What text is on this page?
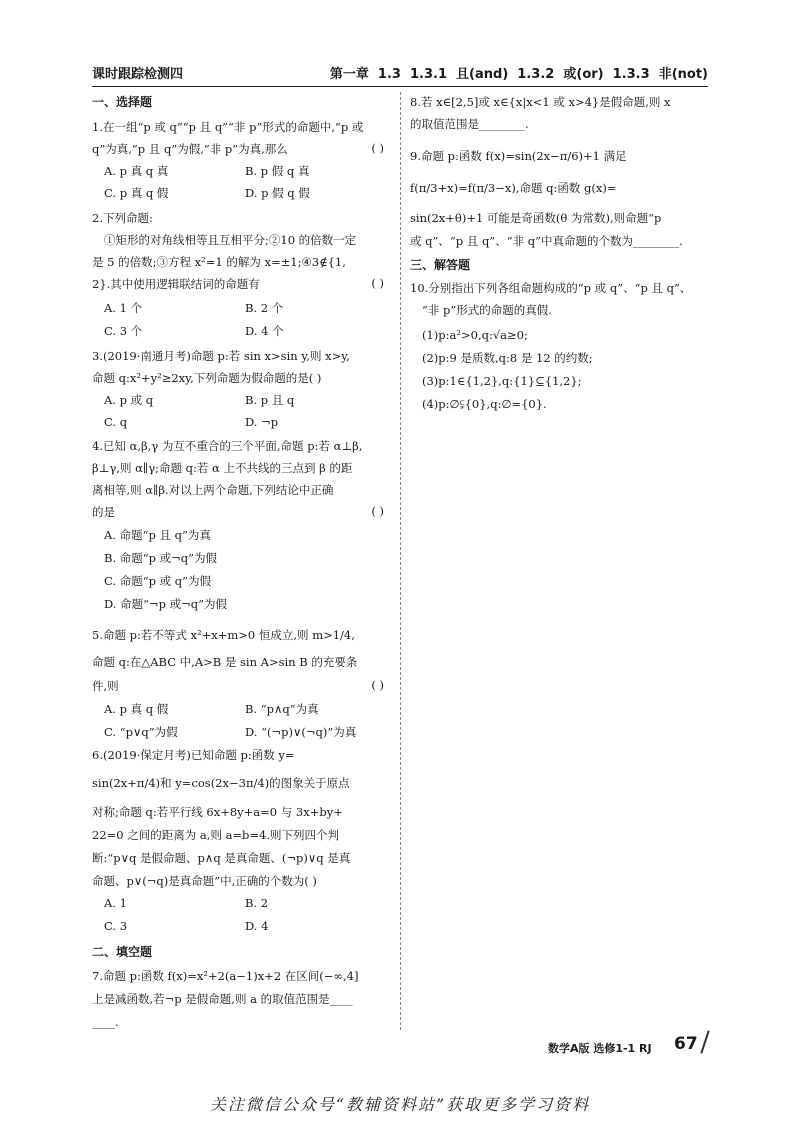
课时跟踪检测四	第一章  1.3  1.3.1  且(and)  1.3.2  或(or)  1.3.3  非(not)
一、选择题
1.在一组“p 或 q”“p 且 q”“非 p”形式的命题中,“p 或
q”为真,“p 且 q”为假,“非 p”为真,那么	( )
A. p 真 q 真	B. p 假 q 真
C. p 真 q 假	D. p 假 q 假
2.下列命题:
①矩形的对角线相等且互相平分;②10 的倍数一定
是 5 的倍数;③方程 x²=1 的解为 x=±1;④3∉{1,
2}.其中使用逻辑联结词的命题有	( )
A. 1 个	B. 2 个
C. 3 个	D. 4 个
3.(2019·南通月考)命题 p:若 sin x>sin y,则 x>y,
命题 q:x²+y²≥2xy,下列命题为假命题的是( )
A. p 或 q	B. p 且 q
C. q	D. ¬p
4.已知 α,β,γ 为互不重合的三个平面,命题 p:若 α⊥β,
β⊥γ,则 α∥γ;命题 q:若 α 上不共线的三点到 β 的距
离相等,则 α∥β.对以上两个命题,下列结论中正确
的是	( )
A. 命题“p 且 q”为真
B. 命题“p 或¬q”为假
C. 命题“p 或 q”为假
D. 命题“¬p 或¬q”为假
5.命题 p:若不等式 x²+x+m>0 恒成立,则 m>1/4,
命题 q:在△ABC 中,A>B 是 sin A>sin B 的充要条
件,则	( )
A. p 真 q 假	B. “p∧q”为真
C. “p∨q”为假	D. “(¬p)∨(¬q)”为真
6.(2019·保定月考)已知命题 p:函数 y=
sin(2x+π/4)和 y=cos(2x−3π/4)的图象关于原点
对称;命题 q:若平行线 6x+8y+a=0 与 3x+by+
22=0 之间的距离为 a,则 a=b=4.则下列四个判
断:“p∨q 是假命题、p∧q 是真命题、(¬p)∨q 是真
命题、p∨(¬q)是真命题”中,正确的个数为( )
A. 1	B. 2
C. 3	D. 4
二、填空题
7.命题 p:函数 f(x)=x²+2(a−1)x+2 在区间(−∞,4]
上是减函数,若¬p 是假命题,则 a 的取值范围是____
____.
8.若 x∈[2,5]或 x∈{x|x<1 或 x>4}是假命题,则 x
的取值范围是________.
9.命题 p:函数 f(x)=sin(2x−π/6)+1 满足
f(π/3+x)=f(π/3−x),命题 q:函数 g(x)=
sin(2x+θ)+1 可能是奇函数(θ 为常数),则命题“p
或 q”、“p 且 q”、“非 q”中真命题的个数为________.
三、解答题
10.分别指出下列各组命题构成的“p 或 q”、“p 且 q”、
“非 p”形式的命题的真假.
(1)p:a²>0,q:√a≥0;
(2)p:9 是质数,q:8 是 12 的约数;
(3)p:1∈{1,2},q:{1}⊆{1,2};
(4)p:∅⫋{0},q:∅={0}.
数学A版 选修1-1 RJ 67
关注微信公众号“教辅资料站”获取更多学习资料
